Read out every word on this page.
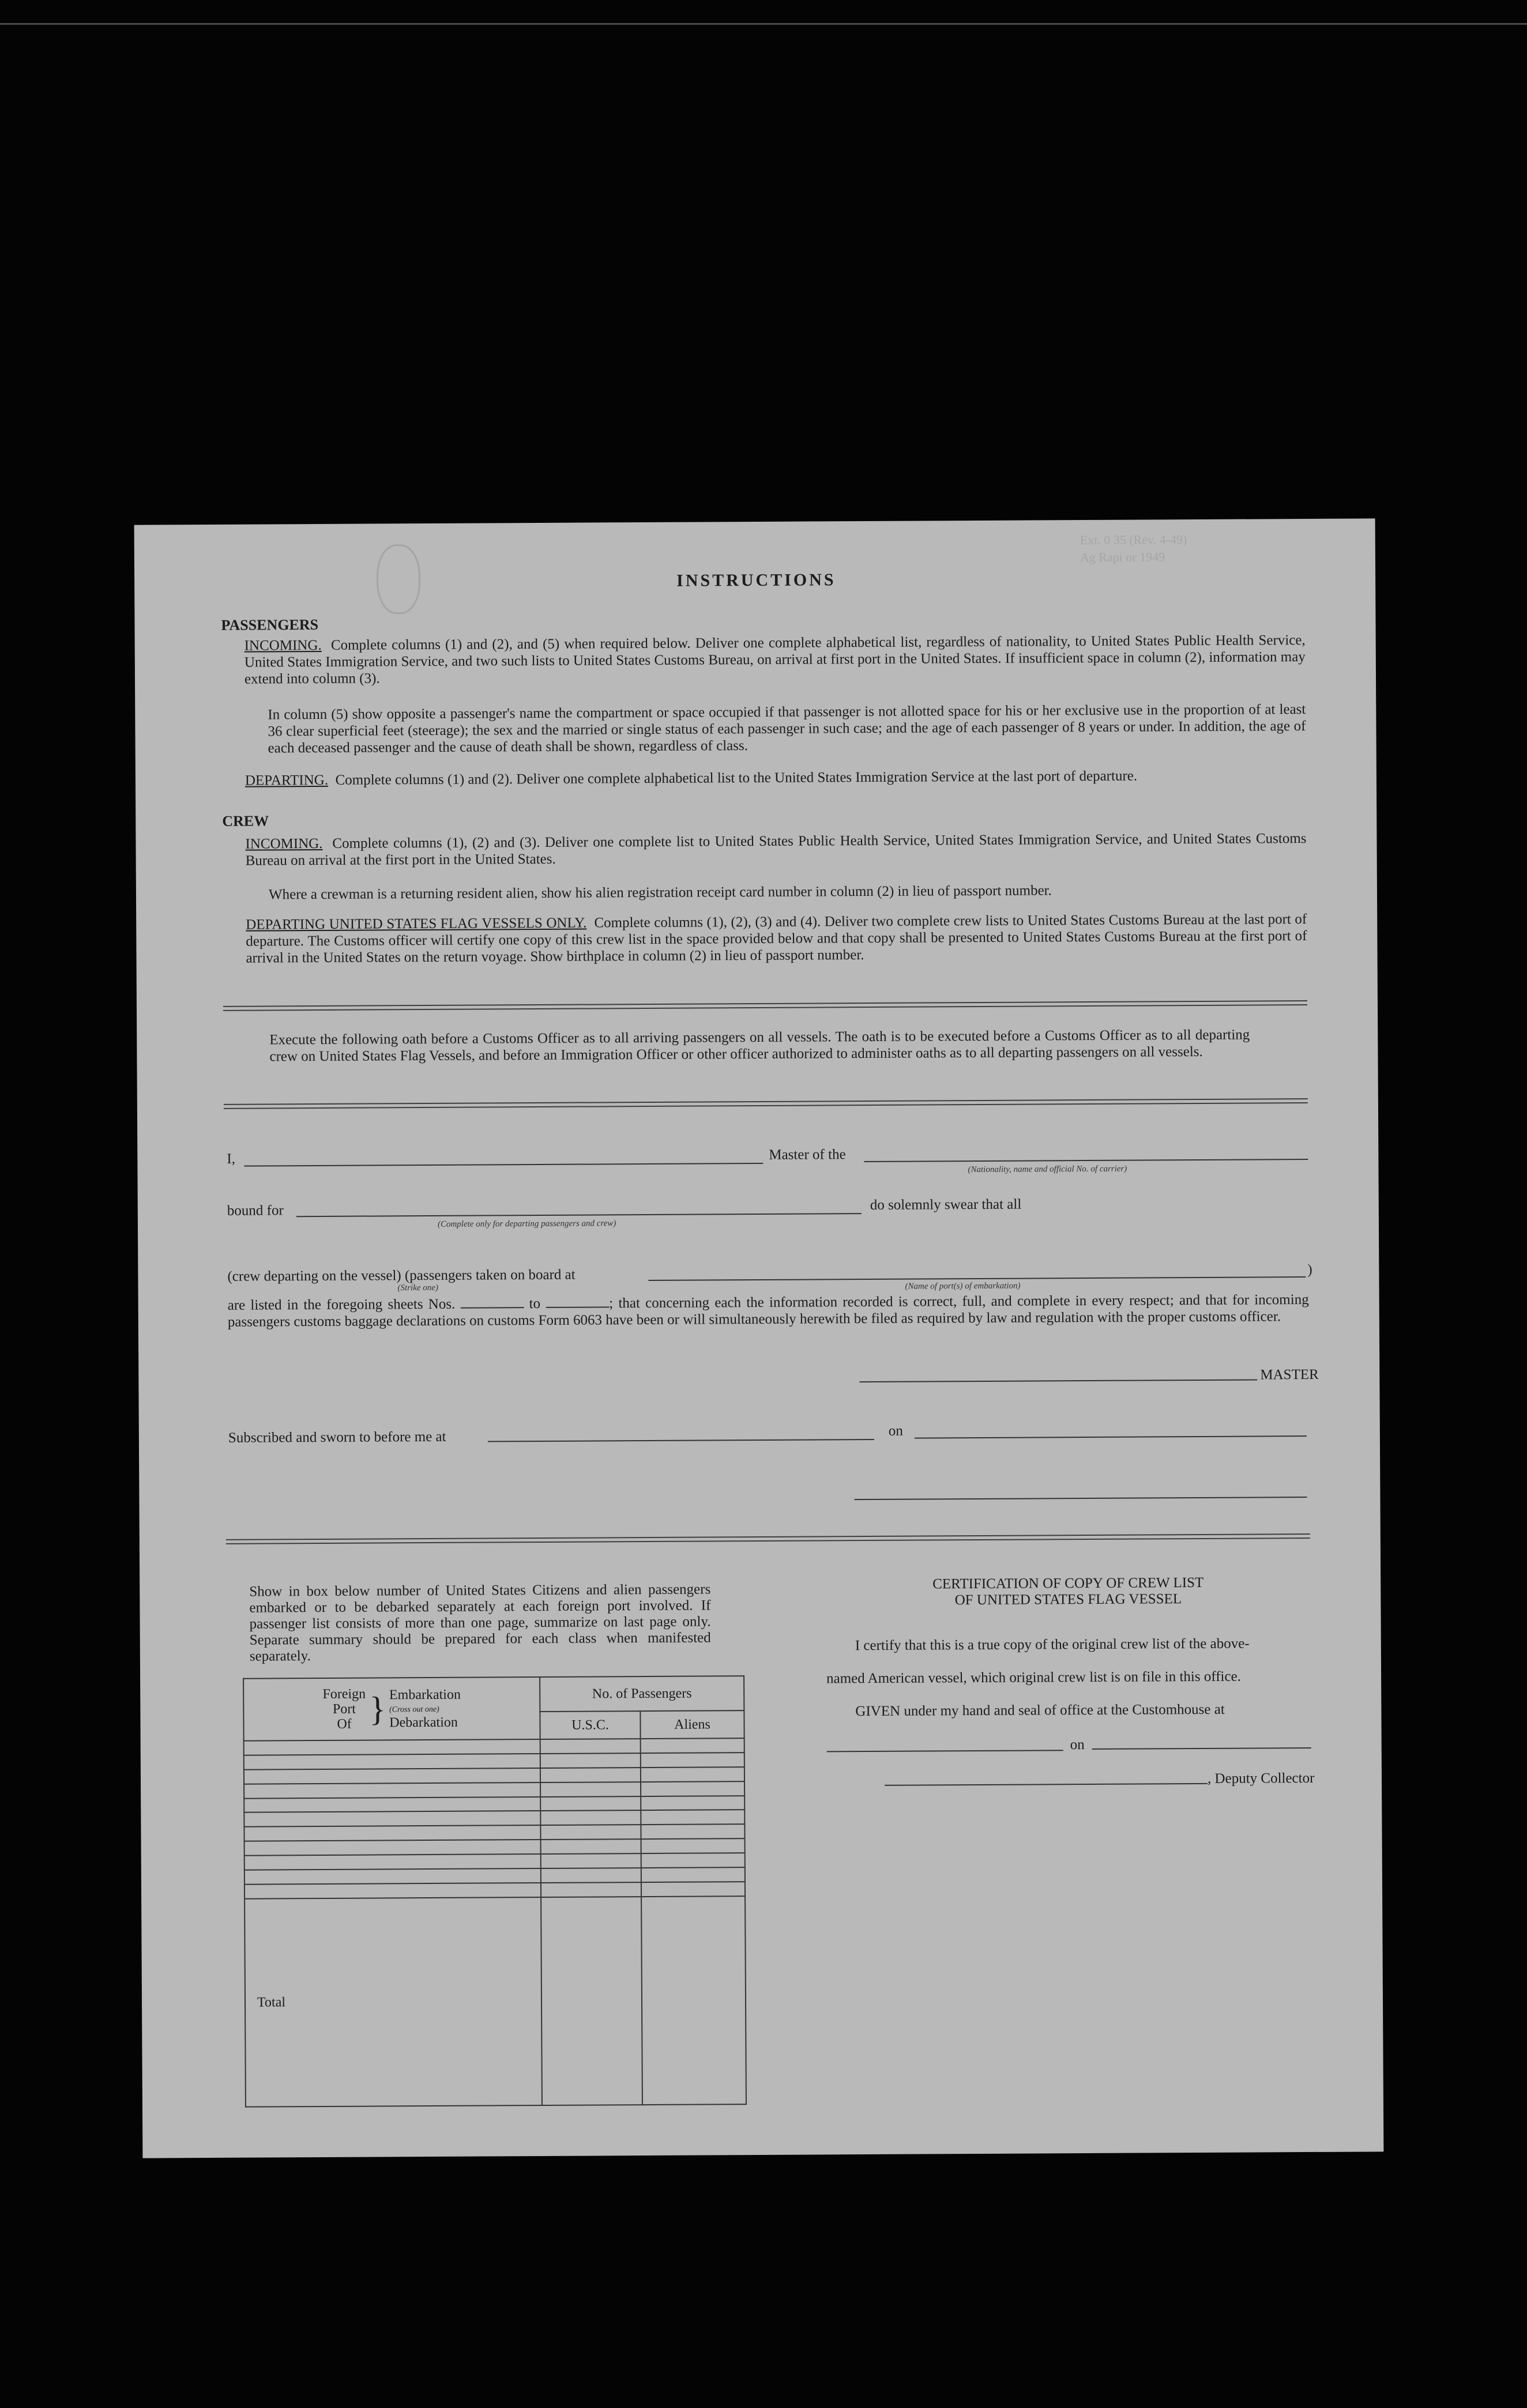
Ext. 0 35 (Rev. 4-49)
Ag Rapi or 1949
INSTRUCTIONS
PASSENGERS

INCOMING. Complete columns (1) and (2), and (5) when required below. Deliver one complete alphabetical list, regardless of nationality, to United States Public Health Service, United States Immigration Service, and two such lists to United States Customs Bureau, on arrival at first port in the United States. If insufficient space in column (2), information may extend into column (3).

In column (5) show opposite a passenger's name the compartment or space occupied if that passenger is not allotted space for his or her exclusive use in the proportion of at least 36 clear superficial feet (steerage); the sex and the married or single status of each passenger in such case; and the age of each passenger of 8 years or under. In addition, the age of each deceased passenger and the cause of death shall be shown, regardless of class.

DEPARTING. Complete columns (1) and (2). Deliver one complete alphabetical list to the United States Immigration Service at the last port of departure.

CREW

INCOMING. Complete columns (1), (2) and (3). Deliver one complete list to United States Public Health Service, United States Immigration Service, and United States Customs Bureau on arrival at the first port in the United States.

Where a crewman is a returning resident alien, show his alien registration receipt card number in column (2) in lieu of passport number.

DEPARTING UNITED STATES FLAG VESSELS ONLY. Complete columns (1), (2), (3) and (4). Deliver two complete crew lists to United States Customs Bureau at the last port of departure. The Customs officer will certify one copy of this crew list in the space provided below and that copy shall be presented to United States Customs Bureau at the first port of arrival in the United States on the return voyage. Show birthplace in column (2) in lieu of passport number.

Execute the following oath before a Customs Officer as to all arriving passengers on all vessels. The oath is to be executed before a Customs Officer as to all departing crew on United States Flag Vessels, and before an Immigration Officer or other officer authorized to administer oaths as to all departing passengers on all vessels.

I,	Master of the
(Nationality, name and official No. of carrier)
bound for
(Complete only for departing passengers and crew)
do solemnly swear that all
(crew departing on the vessel) (passengers taken on board at	)
(Strike one)	(Name of port(s) of embarkation)

are listed in the foregoing sheets Nos.	to	; that concerning each the information recorded is correct, full, and complete in every respect; and that for incoming passengers customs baggage declarations on customs Form 6063 have been or will simultaneously herewith be filed as required by law and regulation with the proper customs officer.

MASTER
Subscribed and sworn to before me at	on

Show in box below number of United States Citizens and alien passengers embarked or to be debarked separately at each foreign port involved. If passenger list consists of more than one page, summarize on last page only. Separate summary should be prepared for each class when manifested separately.

Foreign
Port
Of } Embarkation
(Cross out one)
Debarkation	No. of Passengers	
	U.S.C.	Aliens

Total		
CERTIFICATION OF COPY OF CREW LIST
OF UNITED STATES FLAG VESSEL
I certify that this is a true copy of the original crew list of the above-
named American vessel, which original crew list is on file in this office.
GIVEN under my hand and seal of office at the Customhouse at
on
, Deputy Collector
